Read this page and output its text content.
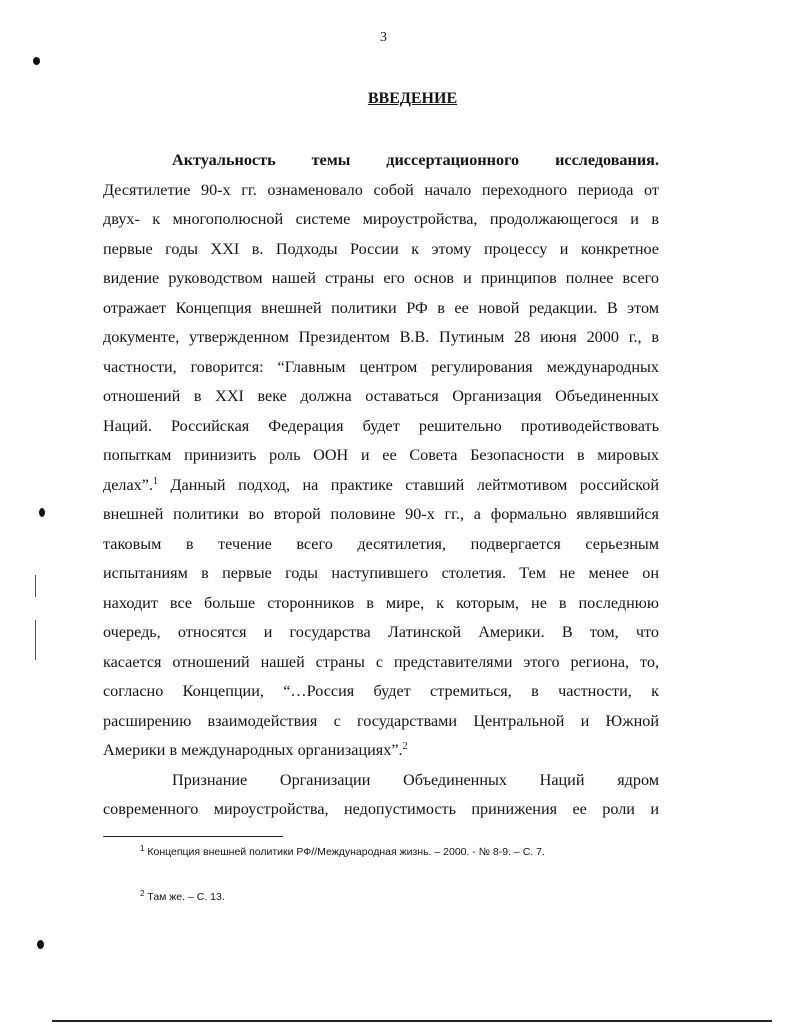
3
ВВЕДЕНИЕ
Актуальность темы диссертационного исследования.
Десятилетие 90-х гг. ознаменовало собой начало переходного периода от
двух- к многополюсной системе мироустройства, продолжающегося и в
первые годы XXI в. Подходы России к этому процессу и конкретное
видение руководством нашей страны его основ и принципов полнее всего
отражает Концепция внешней политики РФ в ее новой редакции. В этом
документе, утвержденном Президентом В.В. Путиным 28 июня 2000 г., в
частности, говорится: “Главным центром регулирования международных
отношений в XXI веке должна оставаться Организация Объединенных
Наций. Российская Федерация будет решительно противодействовать
попыткам принизить роль ООН и ее Совета Безопасности в мировых
делах”.$^1$ Данный подход, на практике ставший лейтмотивом российской
внешней политики во второй половине 90-х гг., а формально являвшийся
таковым в течение всего десятилетия, подвергается серьезным
испытаниям в первые годы наступившего столетия. Тем не менее он
находит все больше сторонников в мире, к которым, не в последнюю
очередь, относятся и государства Латинской Америки. В том, что
касается отношений нашей страны с представителями этого региона, то,
согласно Концепции, “…Россия будет стремиться, в частности, к
расширению взаимодействия с государствами Центральной и Южной
Америки в международных организациях”.$^2$
Признание Организации Объединенных Наций ядром
современного мироустройства, недопустимость принижения ее роли и
$^1$ Концепция внешней политики РФ//Международная жизнь. – 2000. - № 8-9. – С. 7.
$^2$ Там же. – С. 13.
